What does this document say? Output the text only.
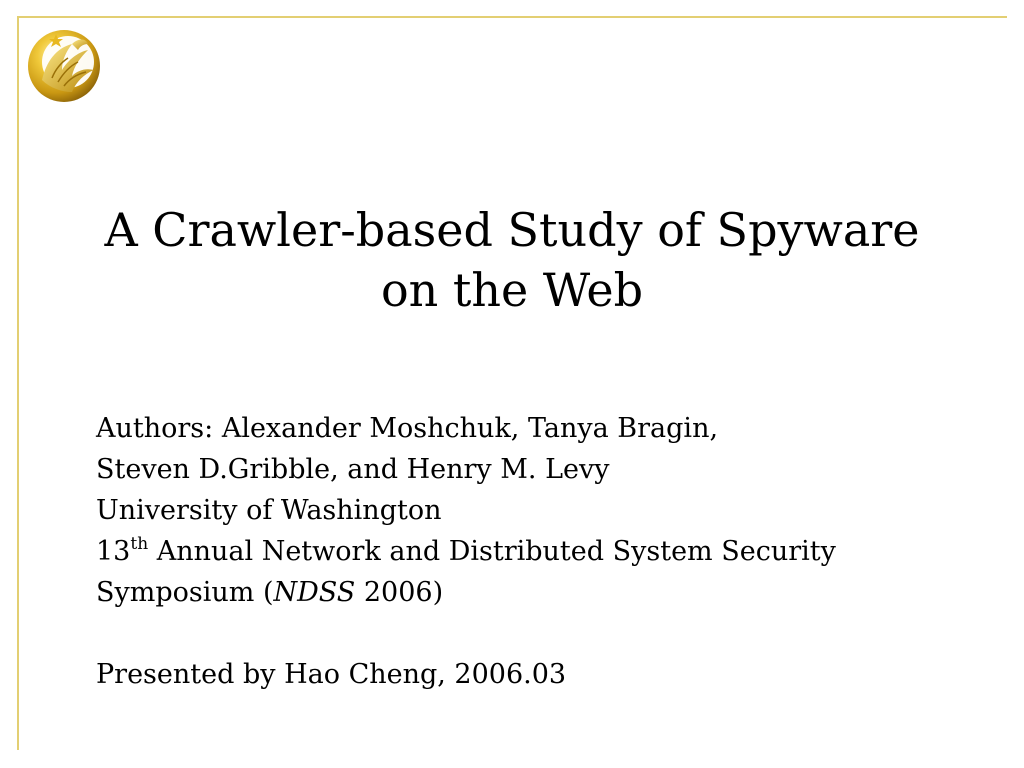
A Crawler-based Study of Spyware
on the Web
Authors: Alexander Moshchuk, Tanya Bragin,
Steven D.Gribble, and Henry M. Levy
University of Washington
13th Annual Network and Distributed System Security
Symposium (NDSS 2006)
Presented by Hao Cheng, 2006.03
